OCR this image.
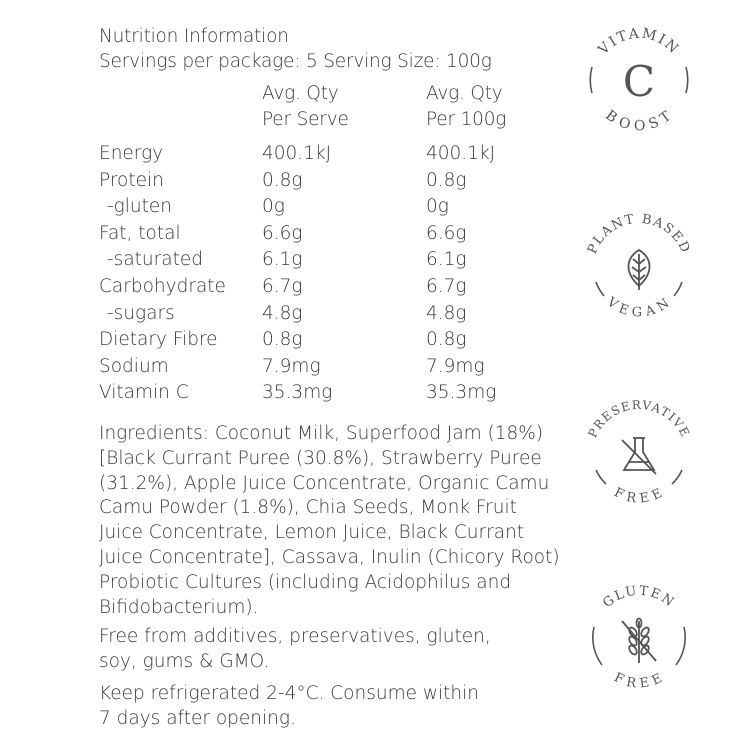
Nutrition Information
Servings per package: 5 Serving Size: 100g
Avg. Qty
Per Serve
Avg. Qty
Per 100g
Energy	400.1kJ	400.1kJ
Protein	0.8g	0.8g
-gluten	0g	0g
Fat, total	6.6g	6.6g
-saturated	6.1g	6.1g
Carbohydrate 6.7g	6.7g
-sugars	4.8g	4.8g
Dietary Fibre 0.8g	0.8g
Sodium	7.9mg	7.9mg
Vitamin C	35.3mg	35.3mg
Ingredients: Coconut Milk, Superfood Jam (18%)
[Black Currant Puree (30.8%), Strawberry Puree
(31.2%), Apple Juice Concentrate, Organic Camu
Camu Powder (1.8%), Chia Seeds, Monk Fruit
Juice Concentrate, Lemon Juice, Black Currant
Juice Concentrate], Cassava, Inulin (Chicory Root)
Probiotic Cultures (including Acidophilus and
Bifidobacterium).
Free from additives, preservatives, gluten,
soy, gums & GMO.
Keep refrigerated 2-4°C. Consume within
7 days after opening.
VITAMIN
C
BOOST
PLANT BASED
VEGAN
PRESERVATIVE
FREE
GLUTEN
FREE
